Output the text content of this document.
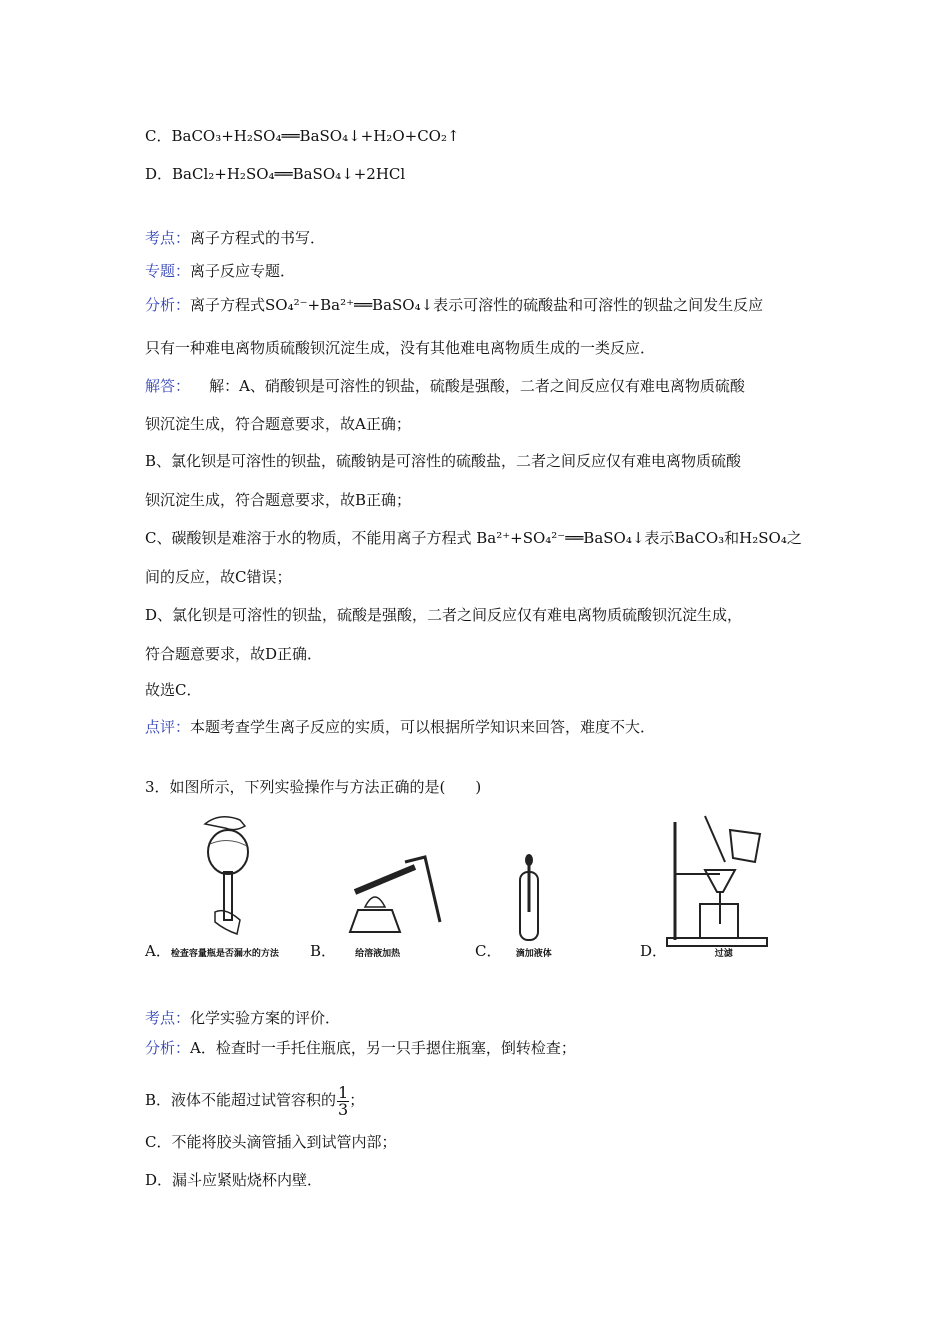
C．BaCO₃+H₂SO₄══BaSO₄↓+H₂O+CO₂↑
D．BaCl₂+H₂SO₄══BaSO₄↓+2HCl
考点：离子方程式的书写．
专题：离子反应专题．
分析：离子方程式SO₄²⁻+Ba²⁺══BaSO₄↓表示可溶性的硫酸盐和可溶性的钡盐之间发生反应
只有一种难电离物质硫酸钡沉淀生成，没有其他难电离物质生成的一类反应．
解答： 解：A、硝酸钡是可溶性的钡盐，硫酸是强酸，二者之间反应仅有难电离物质硫酸
钡沉淀生成，符合题意要求，故A正确；
B、氯化钡是可溶性的钡盐，硫酸钠是可溶性的硫酸盐，二者之间反应仅有难电离物质硫酸
钡沉淀生成，符合题意要求，故B正确；
C、碳酸钡是难溶于水的物质，不能用离子方程式 Ba²⁺+SO₄²⁻══BaSO₄↓表示BaCO₃和H₂SO₄之
间的反应，故C错误；
D、氯化钡是可溶性的钡盐，硫酸是强酸，二者之间反应仅有难电离物质硫酸钡沉淀生成，
符合题意要求，故D正确．
故选C．
点评：本题考查学生离子反应的实质，可以根据所学知识来回答，难度不大．
3．如图所示，下列实验操作与方法正确的是(　　)
A．检查容量瓶是否漏水的方法 B． 给溶液加热	C． 滴加液体	D．	过滤
考点：化学实验方案的评价．
分析：A．检查时一手托住瓶底，另一只手摁住瓶塞，倒转检查；
B．液体不能超过试管容积的 $\frac{1}{3}$ ；
C．不能将胶头滴管插入到试管内部；
D．漏斗应紧贴烧杯内壁．
